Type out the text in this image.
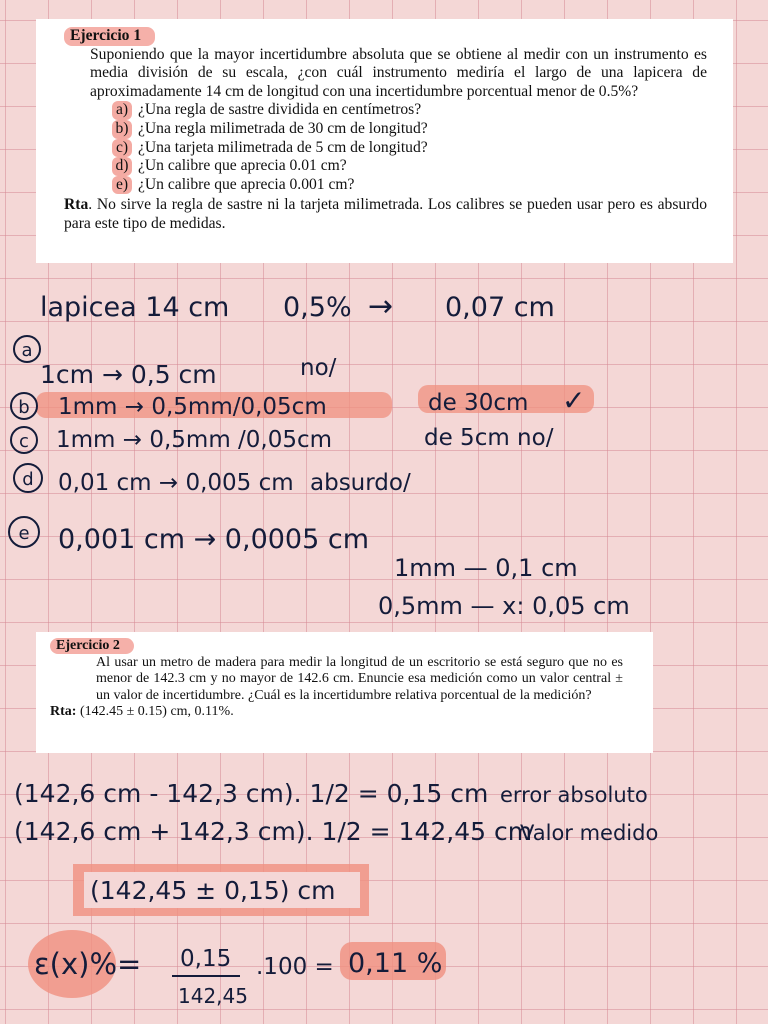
Ejercicio 1

Suponiendo que la mayor incertidumbre absoluta que se obtiene al medir con un instrumento es media división de su escala, ¿con cuál instrumento mediría el largo de una lapicera de aproximadamente 14 cm de longitud con una incertidumbre porcentual menor de 0.5%?

a) ¿Una regla de sastre dividida en centímetros?
b) ¿Una regla milimetrada de 30 cm de longitud?
c) ¿Una tarjeta milimetrada de 5 cm de longitud?
d) ¿Un calibre que aprecia 0.01 cm?
e) ¿Un calibre que aprecia 0.001 cm?

Rta. No sirve la regla de sastre ni la tarjeta milimetrada. Los calibres se pueden usar pero es absurdo para este tipo de medidas.

Ejercicio 2

Al usar un metro de madera para medir la longitud de un escritorio se está seguro que no es menor de 142.3 cm y no mayor de 142.6 cm. Enuncie esa medición como un valor central ± un valor de incertidumbre. ¿Cuál es la incertidumbre relativa porcentual de la medición?

Rta: (142.45 ± 0.15) cm, 0.11%.

lapicea 14 cm 0,5% → 0,07 cm
a
1cm → 0,5 cm	no/
b 1mm → 0,5mm/0,05cm	de 30cm ✓
c 1mm → 0,5mm /0,05cm	de 5cm no/
d 0,01 cm → 0,005 cm absurdo/
e 0,001 cm → 0,0005 cm
1mm — 0,1 cm
0,5mm — x: 0,05 cm
(142,6 cm - 142,3 cm). 1/2 = 0,15 cm error absoluto
(142,6 cm + 142,3 cm). 1/2 = 142,45 cm
Valor medido
(142,45 ± 0,15) cm
ε(x)%= 0,15
142,45
.100 = 0,11 %
